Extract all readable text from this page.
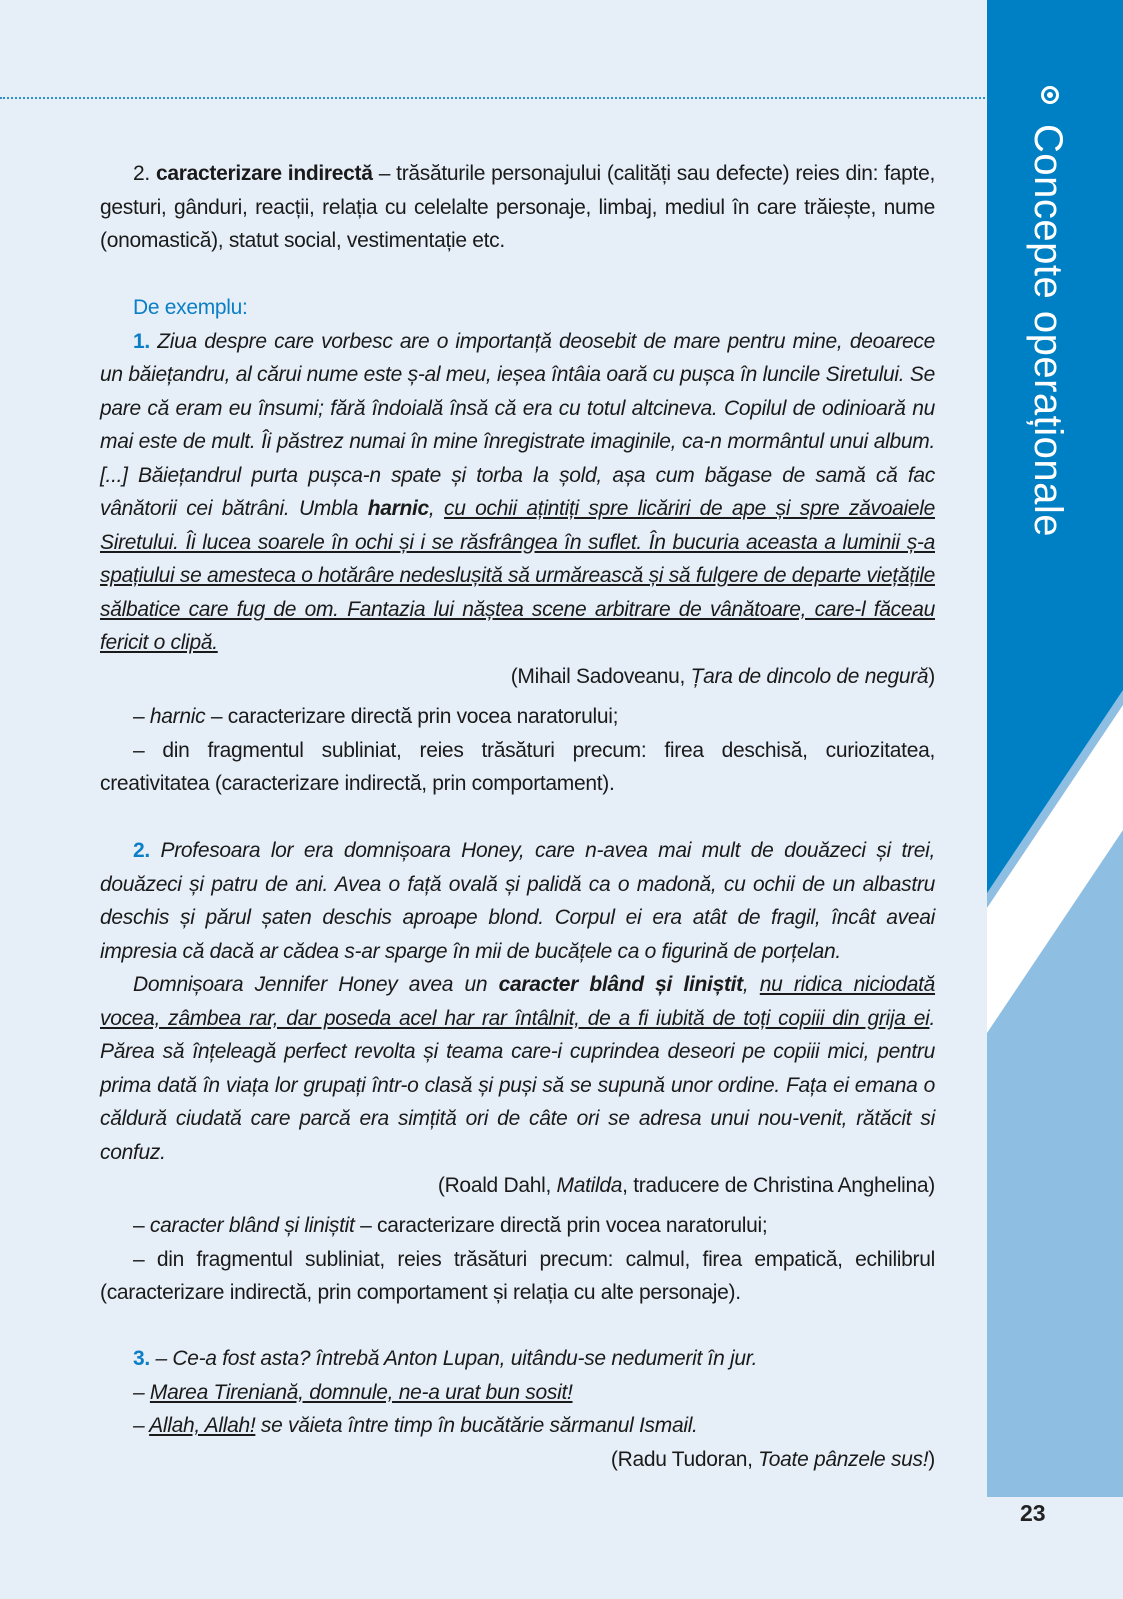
Concepte operaționale
23

2. caracterizare indirectă – trăsăturile personajului (calități sau defecte) reies din: fapte, gesturi, gânduri, reacții, relația cu celelalte personaje, limbaj, mediul în care trăiește, nume (onomastică), statut social, vestimentație etc.

De exemplu:

1. Ziua despre care vorbesc are o importanță deosebit de mare pentru mine, deoarece un băiețandru, al cărui nume este ș-al meu, ieșea întâia oară cu pușca în luncile Siretului. Se pare că eram eu însumi; fără îndoială însă că era cu totul altcineva. Copilul de odinioară nu mai este de mult. Îi păstrez numai în mine înregistrate imaginile, ca-n mormântul unui album. [...] Băiețandrul purta pușca-n spate și torba la șold, așa cum băgase de samă că fac vânătorii cei bătrâni. Umbla harnic, cu ochii ațintiți spre licăriri de ape și spre zăvoaiele Siretului. Îi lucea soarele în ochi și i se răsfrângea în suflet. În bucuria aceasta a luminii ș-a spațiului se amesteca o hotărâre nedeslușită să urmărească și să fulgere de departe viețățile sălbatice care fug de om. Fantazia lui năștea scene arbitrare de vânătoare, care-l făceau fericit o clipă.

(Mihail Sadoveanu, Țara de dincolo de negură)

– harnic – caracterizare directă prin vocea naratorului;

– din fragmentul subliniat, reies trăsături precum: firea deschisă, curiozitatea, creativitatea (caracterizare indirectă, prin comportament).

2. Profesoara lor era domnișoara Honey, care n-avea mai mult de douăzeci și trei, douăzeci și patru de ani. Avea o față ovală și palidă ca o madonă, cu ochii de un albastru deschis și părul șaten deschis aproape blond. Corpul ei era atât de fragil, încât aveai impresia că dacă ar cădea s-ar sparge în mii de bucățele ca o figurină de porțelan.

Domnișoara Jennifer Honey avea un caracter blând și liniștit, nu ridica niciodată vocea, zâmbea rar, dar poseda acel har rar întâlnit, de a fi iubită de toți copiii din grija ei. Părea să înțeleagă perfect revolta și teama care-i cuprindea deseori pe copiii mici, pentru prima dată în viața lor grupați într-o clasă și puși să se supună unor ordine. Fața ei emana o căldură ciudată care parcă era simțită ori de câte ori se adresa unui nou-venit, rătăcit si confuz.

(Roald Dahl, Matilda, traducere de Christina Anghelina)

– caracter blând și liniștit – caracterizare directă prin vocea naratorului;

– din fragmentul subliniat, reies trăsături precum: calmul, firea empatică, echilibrul (caracterizare indirectă, prin comportament și relația cu alte personaje).

3. – Ce-a fost asta? întrebă Anton Lupan, uitându-se nedumerit în jur.

– Marea Tireniană, domnule, ne-a urat bun sosit!

– Allah, Allah! se văieta între timp în bucătărie sărmanul Ismail.

(Radu Tudoran, Toate pânzele sus!)
